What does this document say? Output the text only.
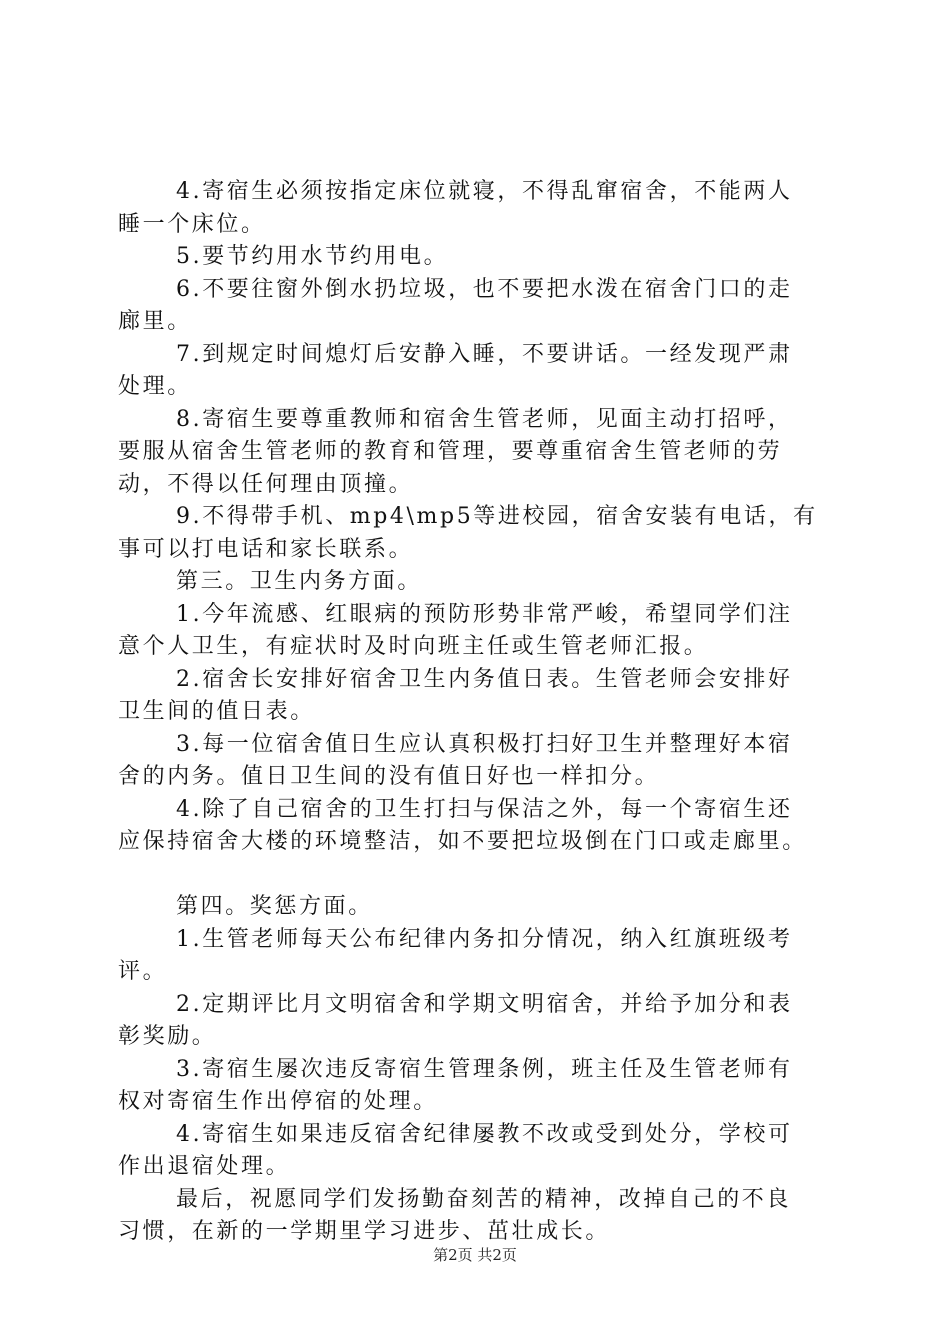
4.寄宿生必须按指定床位就寝，不得乱窜宿舍，不能两人
睡一个床位。
5.要节约用水节约用电。
6.不要往窗外倒水扔垃圾，也不要把水泼在宿舍门口的走
廊里。
7.到规定时间熄灯后安静入睡，不要讲话。一经发现严肃
处理。
8.寄宿生要尊重教师和宿舍生管老师，见面主动打招呼，
要服从宿舍生管老师的教育和管理，要尊重宿舍生管老师的劳
动，不得以任何理由顶撞。
9.不得带手机、mp4\mp5等进校园，宿舍安装有电话，有
事可以打电话和家长联系。
第三。卫生内务方面。
1.今年流感、红眼病的预防形势非常严峻，希望同学们注
意个人卫生，有症状时及时向班主任或生管老师汇报。
2.宿舍长安排好宿舍卫生内务值日表。生管老师会安排好
卫生间的值日表。
3.每一位宿舍值日生应认真积极打扫好卫生并整理好本宿
舍的内务。值日卫生间的没有值日好也一样扣分。
4.除了自己宿舍的卫生打扫与保洁之外，每一个寄宿生还
应保持宿舍大楼的环境整洁，如不要把垃圾倒在门口或走廊里。
第四。奖惩方面。
1.生管老师每天公布纪律内务扣分情况，纳入红旗班级考
评。
2.定期评比月文明宿舍和学期文明宿舍，并给予加分和表
彰奖励。
3.寄宿生屡次违反寄宿生管理条例，班主任及生管老师有
权对寄宿生作出停宿的处理。
4.寄宿生如果违反宿舍纪律屡教不改或受到处分，学校可
作出退宿处理。
最后，祝愿同学们发扬勤奋刻苦的精神，改掉自己的不良
习惯，在新的一学期里学习进步、茁壮成长。
第2页 共2页
